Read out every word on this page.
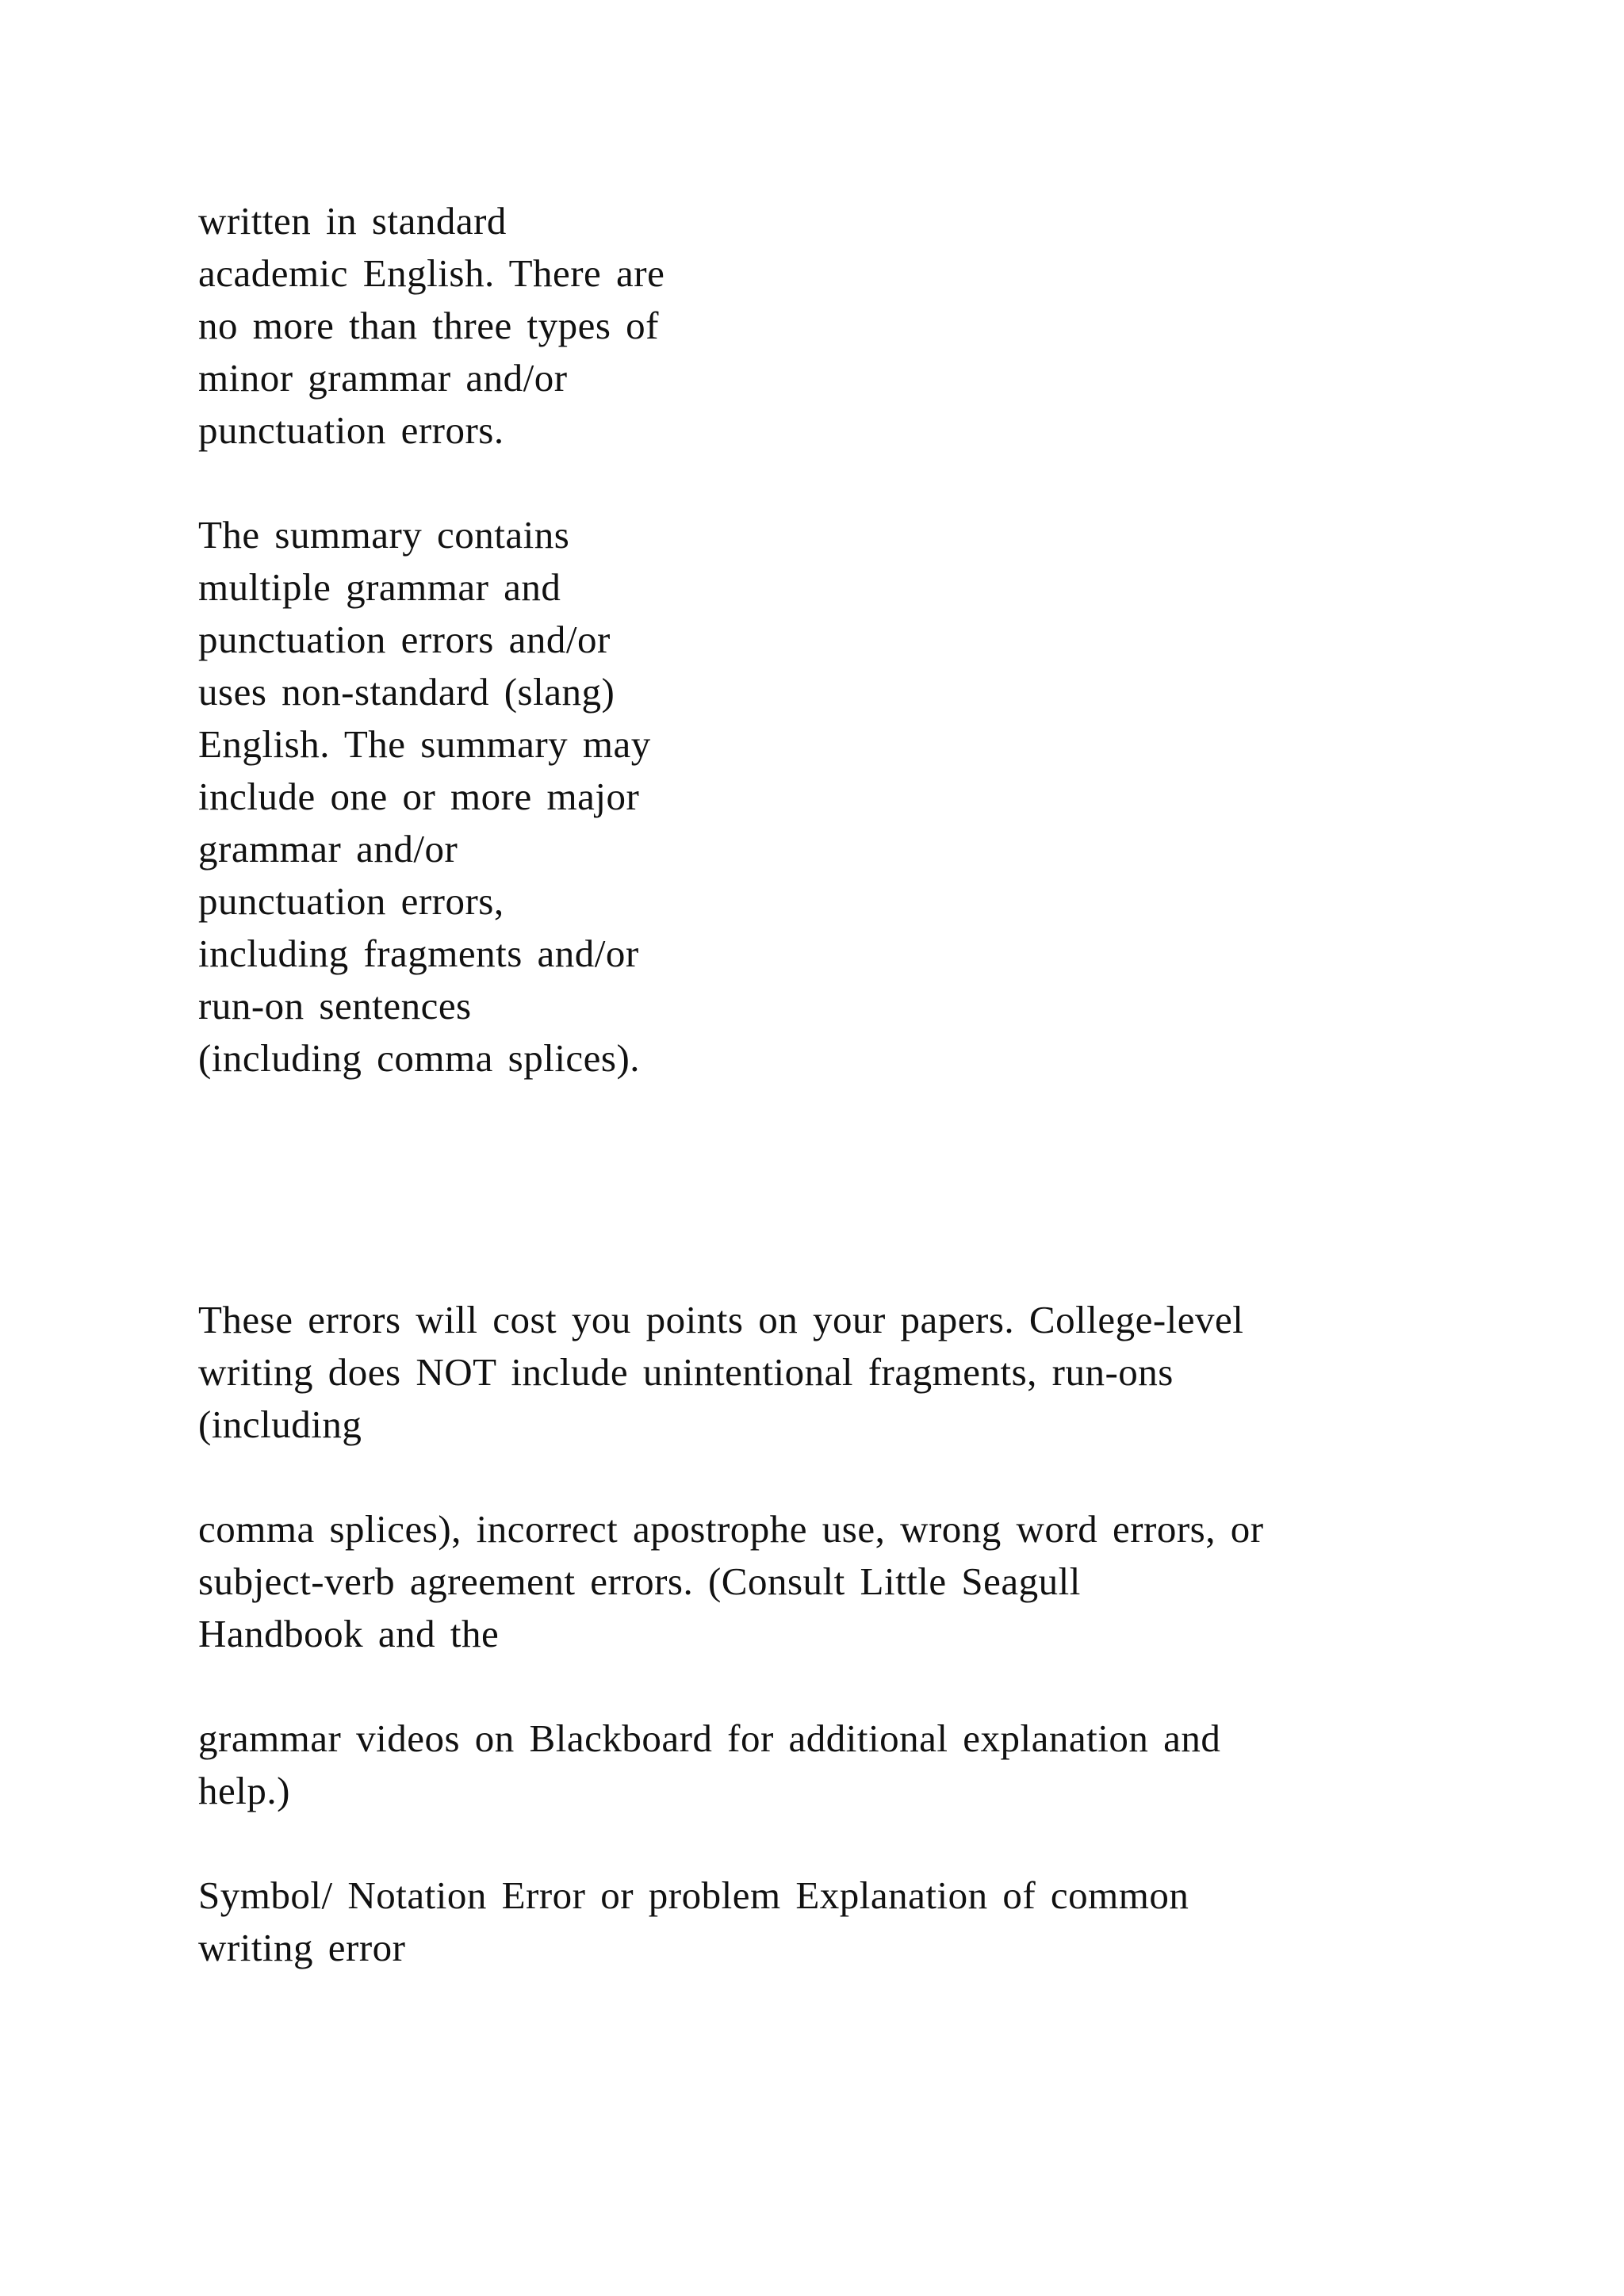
written in standard

academic English. There are

no more than three types of

minor grammar and/or

punctuation errors.

The summary contains

multiple grammar and

punctuation errors and/or

uses non-standard (slang)

English. The summary may

include one or more major

grammar and/or

punctuation errors,

including fragments and/or

run-on sentences

(including comma splices).

These errors will cost you points on your papers. College-level

writing does NOT include unintentional fragments, run-ons

(including

comma splices), incorrect apostrophe use, wrong word errors, or

subject-verb agreement errors. (Consult Little Seagull

Handbook and the

grammar videos on Blackboard for additional explanation and

help.)

Symbol/ Notation Error or problem Explanation of common

writing error
